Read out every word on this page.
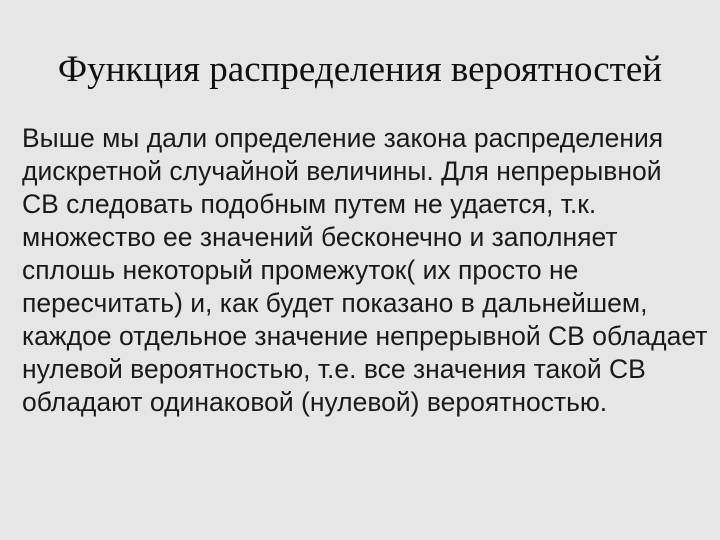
Функция распределения вероятностей

Выше мы дали определение закона распределения
дискретной случайной величины. Для непрерывной
СВ следовать подобным путем не удается, т.к.
множество ее значений бесконечно и заполняет
сплошь некоторый промежуток( их просто не
пересчитать) и, как будет показано в дальнейшем,
каждое отдельное значение непрерывной СВ обладает
нулевой вероятностью, т.е. все значения такой СВ
обладают одинаковой (нулевой) вероятностью.
